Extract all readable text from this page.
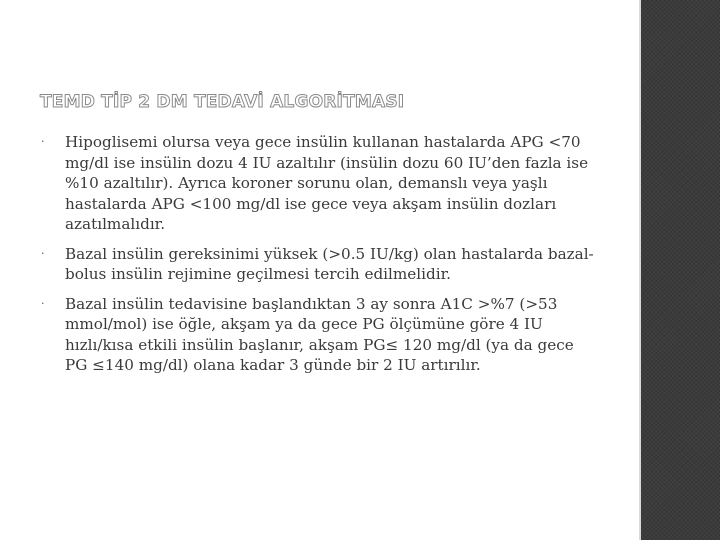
TEMD TİP 2 DM TEDAVİ ALGORİTMASI
· Hipoglisemi olursa veya gece insülin kullanan hastalarda APG <70 mg/dl ise insülin dozu 4 IU azaltılır (insülin dozu 60 IU’den fazla ise %10 azaltılır). Ayrıca koroner sorunu olan, demanslı veya yaşlı hastalarda APG <100 mg/dl ise gece veya akşam insülin dozları azatılmalıdır.
· Bazal insülin gereksinimi yüksek (>0.5 IU/kg) olan hastalarda bazal-bolus insülin rejimine geçilmesi tercih edilmelidir.
· Bazal insülin tedavisine başlandıktan 3 ay sonra A1C >%7 (>53 mmol/mol) ise öğle, akşam ya da gece PG ölçümüne göre 4 IU hızlı/kısa etkili insülin başlanır, akşam PG≤ 120 mg/dl (ya da gece PG ≤140 mg/dl) olana kadar 3 günde bir 2 IU artırılır.
